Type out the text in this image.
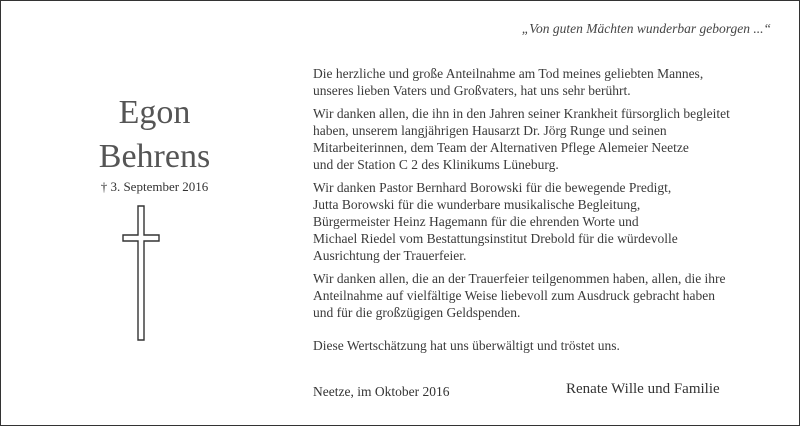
„Von guten Mächten wunderbar geborgen ...“
Egon
Behrens
† 3. September 2016

Die herzliche und große Anteilnahme am Tod meines geliebten Mannes,
unseres lieben Vaters und Großvaters, hat uns sehr berührt.

Wir danken allen, die ihn in den Jahren seiner Krankheit fürsorglich begleitet
haben, unserem langjährigen Hausarzt Dr. Jörg Runge und seinen
Mitarbeiterinnen, dem Team der Alternativen Pflege Alemeier Neetze
und der Station C 2 des Klinikums Lüneburg.

Wir danken Pastor Bernhard Borowski für die bewegende Predigt,
Jutta Borowski für die wunderbare musikalische Begleitung,
Bürgermeister Heinz Hagemann für die ehrenden Worte und
Michael Riedel vom Bestattungsinstitut Drebold für die würdevolle
Ausrichtung der Trauerfeier.

Wir danken allen, die an der Trauerfeier teilgenommen haben, allen, die ihre
Anteilnahme auf vielfältige Weise liebevoll zum Ausdruck gebracht haben
und für die großzügigen Geldspenden.

Diese Wertschätzung hat uns überwältigt und tröstet uns.

Neetze, im Oktober 2016	Renate Wille und Familie
